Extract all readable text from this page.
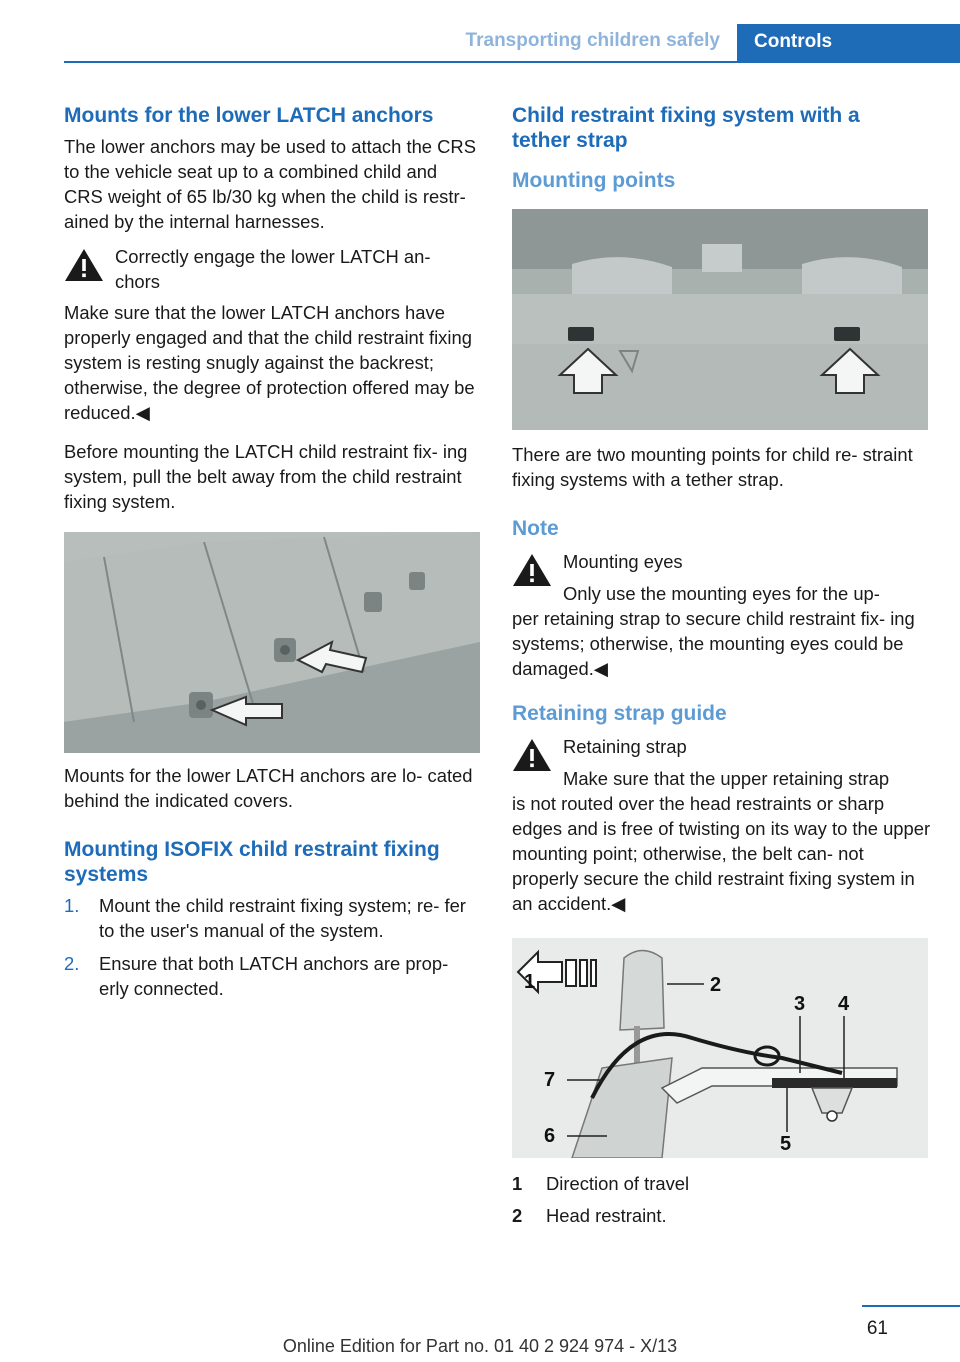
Transporting children safely	Controls
Mounts for the lower LATCH anchors

The lower anchors may be used to attach the CRS to the vehicle seat up to a combined child and CRS weight of 65 lb/30 kg when the child is restr- ained by the internal harnesses.

Correctly engage the lower LATCH an- chors

Make sure that the lower LATCH anchors have properly engaged and that the child restraint fixing system is resting snugly against the backrest; otherwise, the degree of protection offered may be reduced.◀

Before mounting the LATCH child restraint fix- ing system, pull the belt away from the child restraint fixing system.

Mounts for the lower LATCH anchors are lo- cated behind the indicated covers.

Mounting ISOFIX child restraint fixing systems
1. Mount the child restraint fixing system; re- fer to the user's manual of the system.
2. Ensure that both LATCH anchors are prop- erly connected.
Child restraint fixing system with a tether strap
Mounting points

There are two mounting points for child re- straint fixing systems with a tether strap.

Note

Mounting eyes

Only use the mounting eyes for the up-

per retaining strap to secure child restraint fix- ing systems; otherwise, the mounting eyes could be damaged.◀

Retaining strap guide

Retaining strap

Make sure that the upper retaining strap

is not routed over the head restraints or sharp edges and is free of twisting on its way to the upper mounting point; otherwise, the belt can- not properly secure the child restraint fixing system in an accident.◀

1	2
3 4
5
6
7
1 Direction of travel
2 Head restraint.
61
Online Edition for Part no. 01 40 2 924 974 - X/13
